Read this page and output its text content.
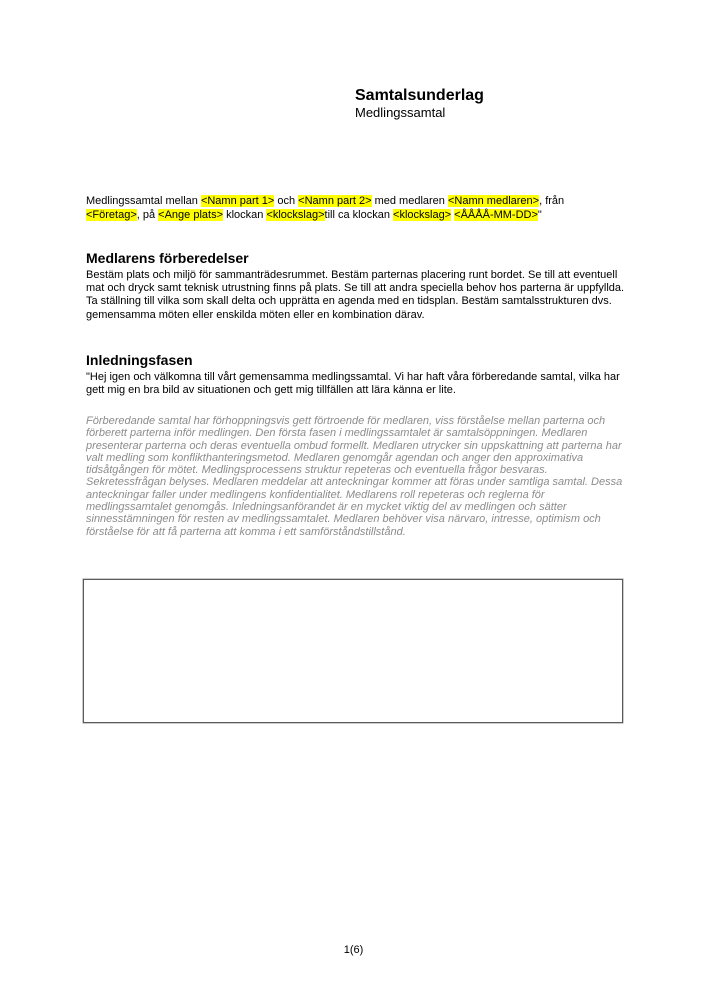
Samtalsunderlag
Medlingssamtal
Medlingssamtal mellan <Namn part 1> och <Namn part 2> med medlaren <Namn medlaren>, från
<Företag>, på <Ange plats> klockan <klockslag>till ca klockan <klockslag> <ÅÅÅÅ-MM-DD>"
Medlarens förberedelser

Bestäm plats och miljö för sammanträdesrummet. Bestäm parternas placering runt bordet. Se till att eventuell mat och dryck samt teknisk utrustning finns på plats. Se till att andra speciella behov hos parterna är uppfyllda. Ta ställning till vilka som skall delta och upprätta en agenda med en tidsplan. Bestäm samtalsstrukturen dvs. gemensamma möten eller enskilda möten eller en kombination därav.

Inledningsfasen

"Hej igen och välkomna till vårt gemensamma medlingssamtal. Vi har haft våra förberedande samtal, vilka har gett mig en bra bild av situationen och gett mig tillfällen att lära känna er lite.

Förberedande samtal har förhoppningsvis gett förtroende för medlaren, viss förståelse mellan parterna och förberett parterna inför medlingen. Den första fasen i medlingssamtalet är samtalsöppningen. Medlaren presenterar parterna och deras eventuella ombud formellt. Medlaren utrycker sin uppskattning att parterna har valt medling som konflikthanteringsmetod. Medlaren genomgår agendan och anger den approximativa tidsåtgången för mötet. Medlingsprocessens struktur repeteras och eventuella frågor besvaras. Sekretessfrågan belyses. Medlaren meddelar att anteckningar kommer att föras under samtliga samtal. Dessa anteckningar faller under medlingens konfidentialitet. Medlarens roll repeteras och reglerna för medlingssamtalet genomgås. Inledningsanförandet är en mycket viktig del av medlingen och sätter sinnesstämningen för resten av medlingssamtalet. Medlaren behöver visa närvaro, intresse, optimism och förståelse för att få parterna att komma i ett samförståndstillstånd.

1(6)
